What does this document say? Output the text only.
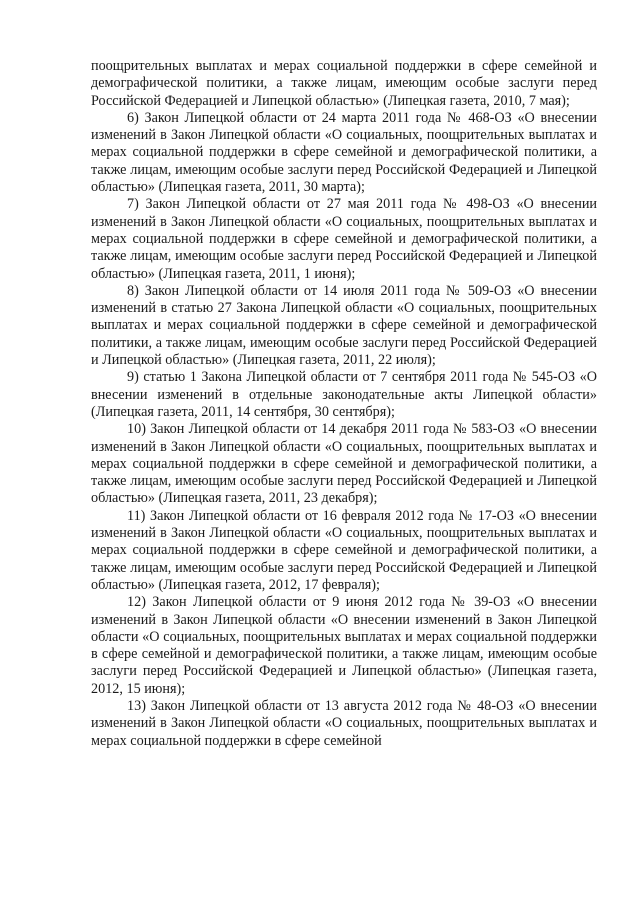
поощрительных выплатах и мерах социальной поддержки в сфере семейной и демографической политики, а также лицам, имеющим особые заслуги перед Российской Федерацией и Липецкой областью» (Липецкая газета, 2010, 7 мая);

6) Закон Липецкой области от 24 марта 2011 года № 468-ОЗ «О внесении изменений в Закон Липецкой области «О социальных, поощрительных выплатах и мерах социальной поддержки в сфере семейной и демографической политики, а также лицам, имеющим особые заслуги перед Российской Федерацией и Липецкой областью» (Липецкая газета, 2011, 30 марта);

7) Закон Липецкой области от 27 мая 2011 года № 498-ОЗ «О внесении изменений в Закон Липецкой области «О социальных, поощрительных выплатах и мерах социальной поддержки в сфере семейной и демографической политики, а также лицам, имеющим особые заслуги перед Российской Федерацией и Липецкой областью» (Липецкая газета, 2011, 1 июня);

8) Закон Липецкой области от 14 июля 2011 года № 509-ОЗ «О внесении изменений в статью 27 Закона Липецкой области «О социальных, поощрительных выплатах и мерах социальной поддержки в сфере семейной и демографической политики, а также лицам, имеющим особые заслуги перед Российской Федерацией и Липецкой областью» (Липецкая газета, 2011, 22 июля);

9) статью 1 Закона Липецкой области от 7 сентября 2011 года № 545-ОЗ «О внесении изменений в отдельные законодательные акты Липецкой области» (Липецкая газета, 2011, 14 сентября, 30 сентября);

10) Закон Липецкой области от 14 декабря 2011 года № 583-ОЗ «О внесении изменений в Закон Липецкой области «О социальных, поощрительных выплатах и мерах социальной поддержки в сфере семейной и демографической политики, а также лицам, имеющим особые заслуги перед Российской Федерацией и Липецкой областью» (Липецкая газета, 2011, 23 декабря);

11) Закон Липецкой области от 16 февраля 2012 года № 17-ОЗ «О внесении изменений в Закон Липецкой области «О социальных, поощрительных выплатах и мерах социальной поддержки в сфере семейной и демографической политики, а также лицам, имеющим особые заслуги перед Российской Федерацией и Липецкой областью» (Липецкая газета, 2012, 17 февраля);

12) Закон Липецкой области от 9 июня 2012 года № 39-ОЗ «О внесении изменений в Закон Липецкой области «О внесении изменений в Закон Липецкой области «О социальных, поощрительных выплатах и мерах социальной поддержки в сфере семейной и демографической политики, а также лицам, имеющим особые заслуги перед Российской Федерацией и Липецкой областью» (Липецкая газета, 2012, 15 июня);

13) Закон Липецкой области от 13 августа 2012 года № 48-ОЗ «О внесении изменений в Закон Липецкой области «О социальных, поощрительных выплатах и мерах социальной поддержки в сфере семейной
